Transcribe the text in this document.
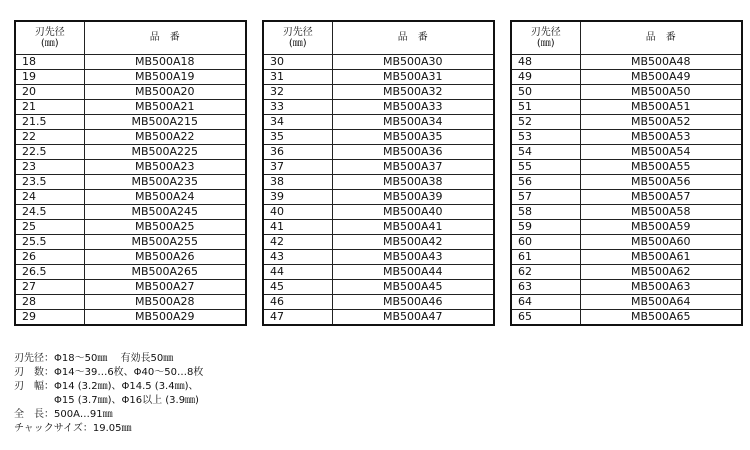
刃先径
(㎜)	品　番
18	MB500A18
19	MB500A19
20	MB500A20
21	MB500A21
21.5	MB500A215
22	MB500A22
22.5	MB500A225
23	MB500A23
23.5	MB500A235
24	MB500A24
24.5	MB500A245
25	MB500A25
25.5	MB500A255
26	MB500A26
26.5	MB500A265
27	MB500A27
28	MB500A28
29	MB500A29
刃先径
(㎜)	品　番
30	MB500A30
31	MB500A31
32	MB500A32
33	MB500A33
34	MB500A34
35	MB500A35
36	MB500A36
37	MB500A37
38	MB500A38
39	MB500A39
40	MB500A40
41	MB500A41
42	MB500A42
43	MB500A43
44	MB500A44
45	MB500A45
46	MB500A46
47	MB500A47
刃先径
(㎜)	品　番
48	MB500A48
49	MB500A49
50	MB500A50
51	MB500A51
52	MB500A52
53	MB500A53
54	MB500A54
55	MB500A55
56	MB500A56
57	MB500A57
58	MB500A58
59	MB500A59
60	MB500A60
61	MB500A61
62	MB500A62
63	MB500A63
64	MB500A64
65	MB500A65
刃先径：Φ18～50㎜　 有効長50㎜
刃　数：Φ14～39…6枚、Φ40～50…8枚
刃　幅：Φ14 (3.2㎜)、Φ14.5 (3.4㎜)、
　　　　Φ15 (3.7㎜)、Φ16以上 (3.9㎜)
全　長：500A…91㎜
チャックサイズ：19.05㎜
